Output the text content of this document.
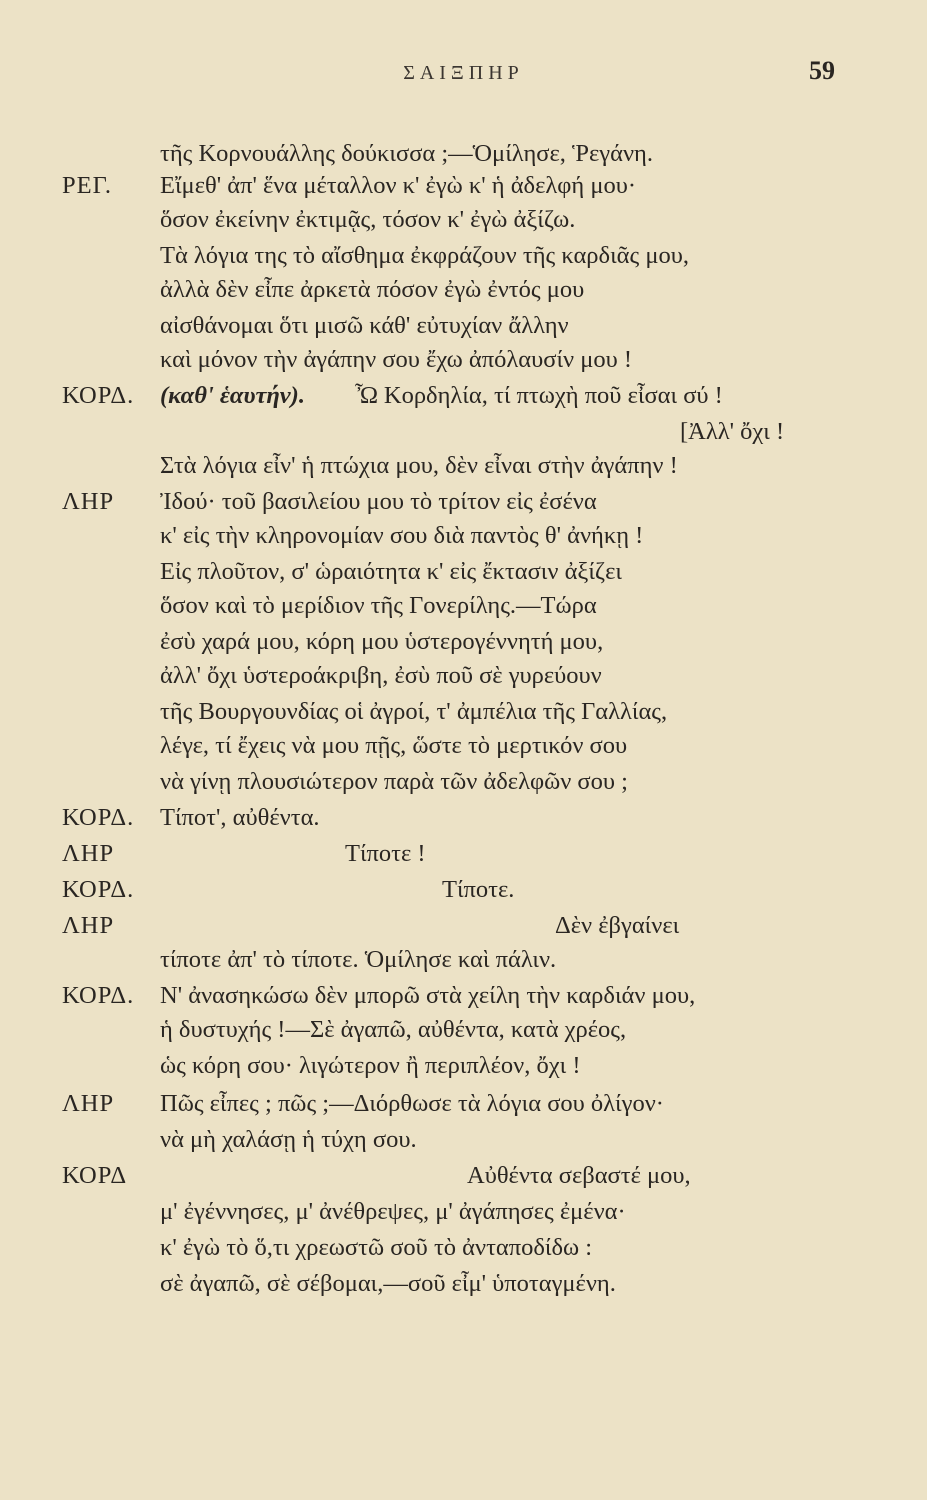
ΣΑΙΞΠΗΡ	59
τῆς Κορνουάλλης δούκισσα ;—Ὁμίλησε, Ῥεγάνη.
ΡΕΓ. Εἴμεθ' ἀπ' ἕνα μέταλλον κ' ἐγὼ κ' ἡ ἀδελφή μου·
ὅσον ἐκείνην ἐκτιμᾷς, τόσον κ' ἐγὼ ἀξίζω.
Τὰ λόγια της τὸ αἴσθημα ἐκφράζουν τῆς καρδιᾶς μου,
ἀλλὰ δὲν εἶπε ἀρκετὰ πόσον ἐγὼ ἐντός μου
αἰσθάνομαι ὅτι μισῶ κάθ' εὐτυχίαν ἄλλην
καὶ μόνον τὴν ἀγάπην σου ἔχω ἀπόλαυσίν μου !
ΚΟΡΔ. (καθ' ἑαυτήν). Ὦ Κορδηλία, τί πτωχὴ ποῦ εἶσαι σύ !
[Ἀλλ' ὄχι !
Στὰ λόγια εἶν' ἡ πτώχια μου, δὲν εἶναι στὴν ἀγάπην !
ΛΗΡ Ἰδού· τοῦ βασιλείου μου τὸ τρίτον εἰς ἐσένα
κ' εἰς τὴν κληρονομίαν σου διὰ παντὸς θ' ἀνήκῃ !
Εἰς πλοῦτον, σ' ὡραιότητα κ' εἰς ἔκτασιν ἀξίζει
ὅσον καὶ τὸ μερίδιον τῆς Γονερίλης.—Τώρα
ἐσὺ χαρά μου, κόρη μου ὑστερογέννητή μου,
ἀλλ' ὄχι ὑστεροάκριβη, ἐσὺ ποῦ σὲ γυρεύουν
τῆς Βουργουνδίας οἱ ἀγροί, τ' ἀμπέλια τῆς Γαλλίας,
λέγε, τί ἔχεις νὰ μου πῇς, ὥστε τὸ μερτικόν σου
νὰ γίνῃ πλουσιώτερον παρὰ τῶν ἀδελφῶν σου ;
ΚΟΡΔ. Τίποτ', αὐθέντα.
ΛΗΡ	Τίποτε !
ΚΟΡΔ.	Τίποτε.
ΛΗΡ	Δὲν ἐβγαίνει
τίποτε ἀπ' τὸ τίποτε. Ὁμίλησε καὶ πάλιν.
ΚΟΡΔ. Ν' ἀνασηκώσω δὲν μπορῶ στὰ χείλη τὴν καρδιάν μου,
ἡ δυστυχής !—Σὲ ἀγαπῶ, αὐθέντα, κατὰ χρέος,
ὡς κόρη σου· λιγώτερον ἢ περιπλέον, ὄχι !
ΛΗΡ Πῶς εἶπες ; πῶς ;—Διόρθωσε τὰ λόγια σου ὀλίγον·
νὰ μὴ χαλάσῃ ἡ τύχη σου.
ΚΟΡΔ	Αὐθέντα σεβαστέ μου,
μ' ἐγέννησες, μ' ἀνέθρεψες, μ' ἀγάπησες ἐμένα·
κ' ἐγὼ τὸ ὅ,τι χρεωστῶ σοῦ τὸ ἀνταποδίδω :
σὲ ἀγαπῶ, σὲ σέβομαι,—σοῦ εἶμ' ὑποταγμένη.
